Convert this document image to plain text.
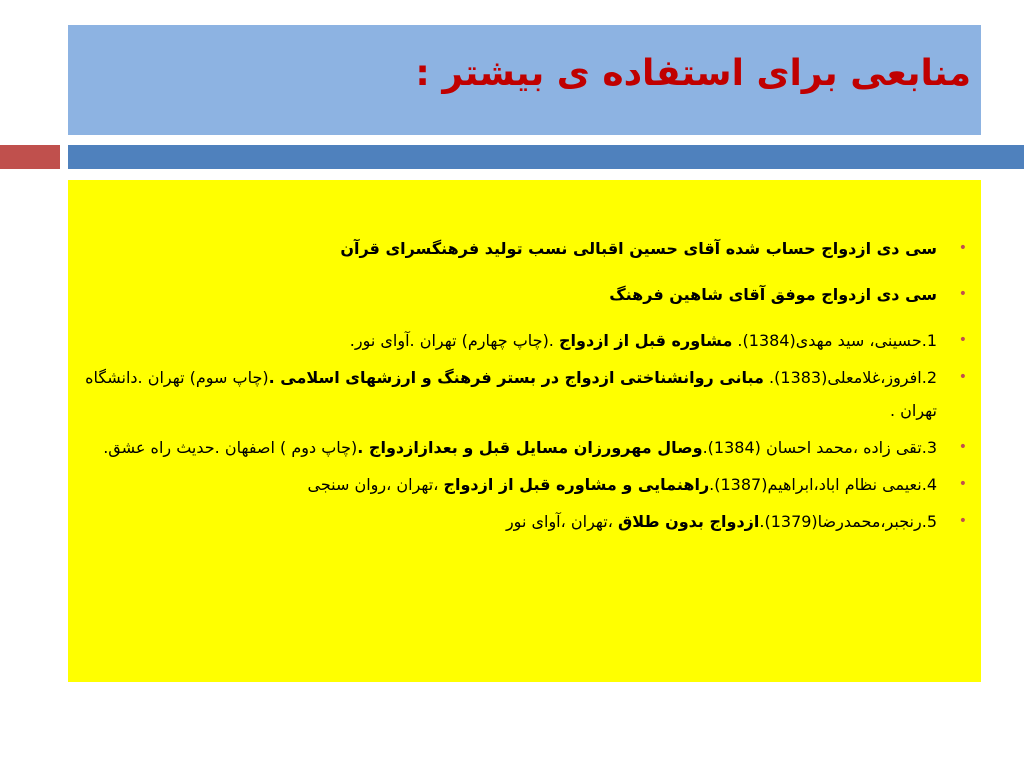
منابعی برای استفاده ی بیشتر :
•
سی دی ازدواج حساب شده آقای حسین اقبالی نسب تولید فرهنگسرای قرآن
•
سی دی ازدواج موفق آقای شاهین فرهنگ
•
1.حسینی، سید مهدی(1384). مشاوره قبل از ازدواج .(چاپ چهارم) تهران .آوای نور.
•
2.افروز،غلامعلی(1383). مبانی روانشناختی ازدواج در بستر فرهنگ و ارزشهای اسلامی .(چاپ سوم) تهران .دانشگاه تهران .
•
3.تقی زاده ،محمد احسان (1384).وصال مهرورزان مسایل قبل و بعدازازدواج .(چاپ دوم ) اصفهان .حدیث راه عشق.
•
4.نعیمی نظام اباد،ابراهیم(1387).راهنمایی و مشاوره قبل از ازدواج ،تهران ،روان سنجی
•
5.رنجبر،محمدرضا(1379).ازدواج بدون طلاق ،تهران ،آوای نور
